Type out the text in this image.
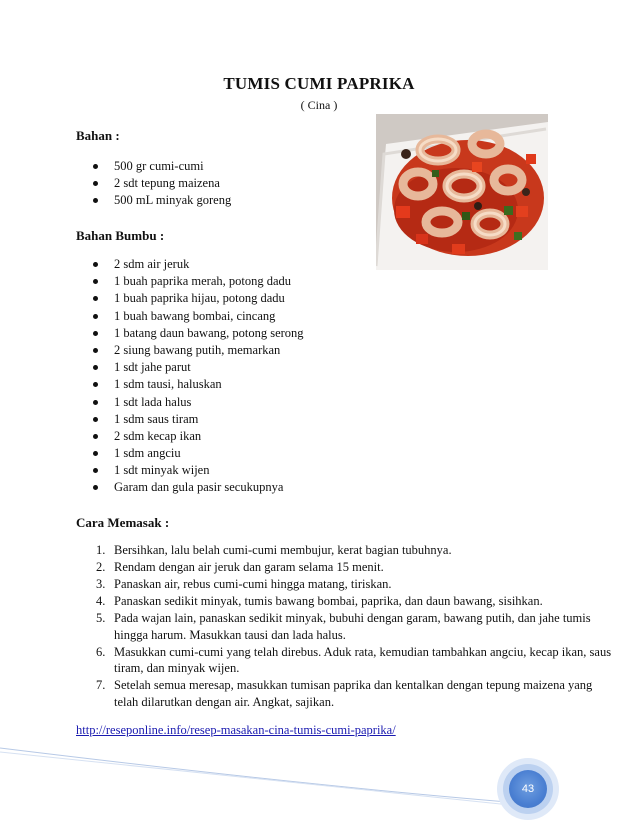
TUMIS CUMI PAPRIKA
( Cina )
Bahan :
500 gr cumi-cumi
2 sdt tepung maizena
500 mL minyak goreng
Bahan Bumbu :
2 sdm air jeruk
1 buah paprika merah, potong dadu
1 buah paprika hijau, potong dadu
1 buah bawang bombai, cincang
1 batang daun bawang, potong serong
2 siung bawang putih, memarkan
1 sdt jahe parut
1 sdm tausi, haluskan
1 sdt lada halus
1 sdm saus tiram
2 sdm kecap ikan
1 sdm angciu
1 sdt minyak wijen
Garam dan gula pasir secukupnya
Cara Memasak :
1. Bersihkan, lalu belah cumi-cumi membujur, kerat bagian tubuhnya.
2. Rendam dengan air jeruk dan garam selama 15 menit.
3. Panaskan air, rebus cumi-cumi hingga matang, tiriskan.
4. Panaskan sedikit minyak, tumis bawang bombai, paprika, dan daun bawang, sisihkan.
5. Pada wajan lain, panaskan sedikit minyak, bubuhi dengan garam, bawang putih, dan jahe tumis hingga harum. Masukkan tausi dan lada halus.
6. Masukkan cumi-cumi yang telah direbus. Aduk rata, kemudian tambahkan angciu, kecap ikan, saus tiram, dan minyak wijen.
7. Setelah semua meresap, masukkan tumisan paprika dan kentalkan dengan tepung maizena yang telah dilarutkan dengan air. Angkat, sajikan.
http://reseponline.info/resep-masakan-cina-tumis-cumi-paprika/
43
